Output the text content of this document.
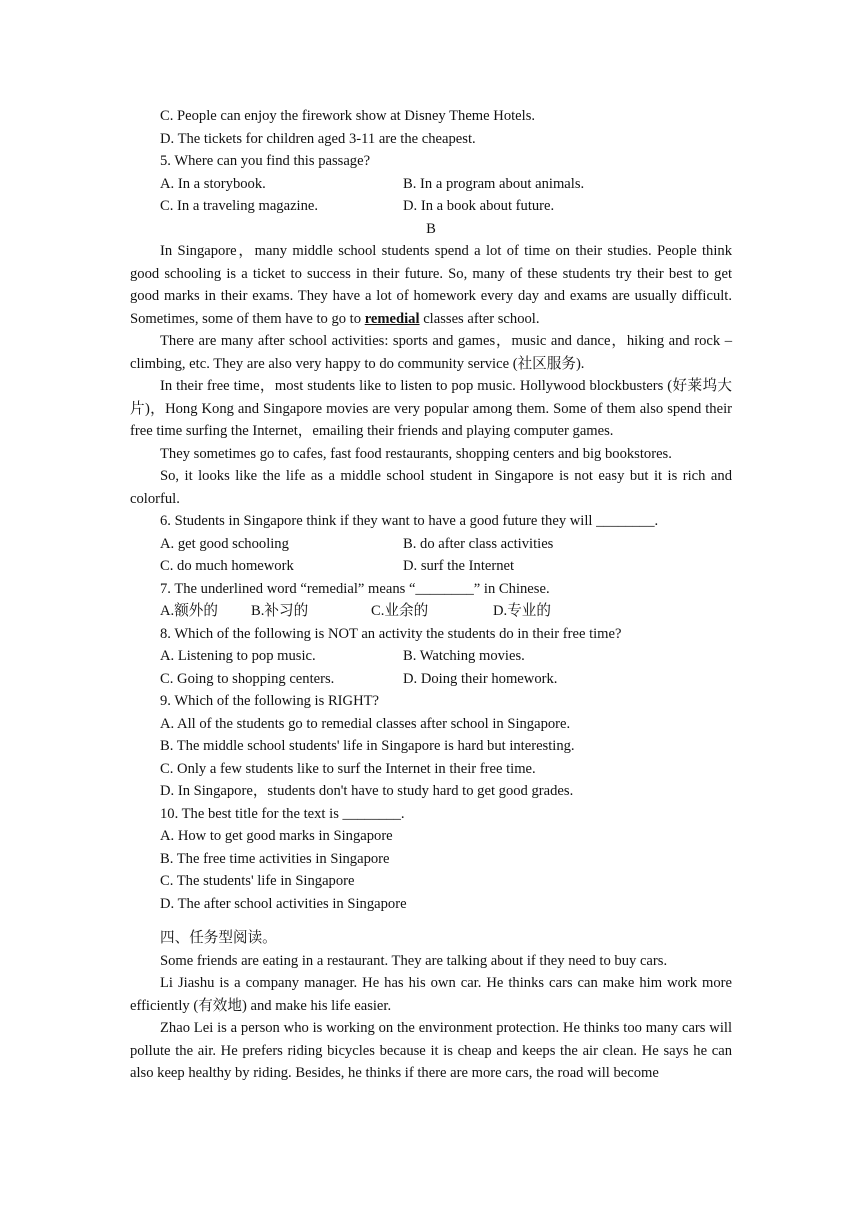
C. People can enjoy the firework show at Disney Theme Hotels.

D. The tickets for children aged 3-11 are the cheapest.

5. Where can you find this passage?

A. In a storybook.	B. In a program about animals.
C. In a traveling magazine.	D. In a book about future.

B

In Singapore，many middle school students spend a lot of time on their studies. People think good schooling is a ticket to success in their future. So, many of these students try their best to get good marks in their exams. They have a lot of homework every day and exams are usually difficult. Sometimes, some of them have to go to remedial classes after school.

There are many after school activities: sports and games，music and dance，hiking and rock –climbing, etc. They are also very happy to do community service (社区服务).

In their free time，most students like to listen to pop music. Hollywood blockbusters (好莱坞大片)，Hong Kong and Singapore movies are very popular among them. Some of them also spend their free time surfing the Internet，emailing their friends and playing computer games.

They sometimes go to cafes, fast food restaurants, shopping centers and big bookstores.

So, it looks like the life as a middle school student in Singapore is not easy but it is rich and colorful.

6. Students in Singapore think if they want to have a good future they will ________.

A. get good schooling	B. do after class activities
C. do much homework	D. surf the Internet

7. The underlined word “remedial” means “________” in Chinese.

A.额外的	B.补习的	C.业余的	D.专业的

8. Which of the following is NOT an activity the students do in their free time?

A. Listening to pop music.	B. Watching movies.
C. Going to shopping centers.	D. Doing their homework.

9. Which of the following is RIGHT?

A. All of the students go to remedial classes after school in Singapore.

B. The middle school students' life in Singapore is hard but interesting.

C. Only a few students like to surf the Internet in their free time.

D. In Singapore，students don't have to study hard to get good grades.

10. The best title for the text is ________.

A. How to get good marks in Singapore

B. The free time activities in Singapore

C. The students' life in Singapore

D. The after school activities in Singapore

四、任务型阅读。

Some friends are eating in a restaurant. They are talking about if they need to buy cars.

Li Jiashu is a company manager. He has his own car. He thinks cars can make him work more efficiently (有效地) and make his life easier.

Zhao Lei is a person who is working on the environment protection. He thinks too many cars will pollute the air. He prefers riding bicycles because it is cheap and keeps the air clean. He says he can also keep healthy by riding. Besides, he thinks if there are more cars, the road will become
